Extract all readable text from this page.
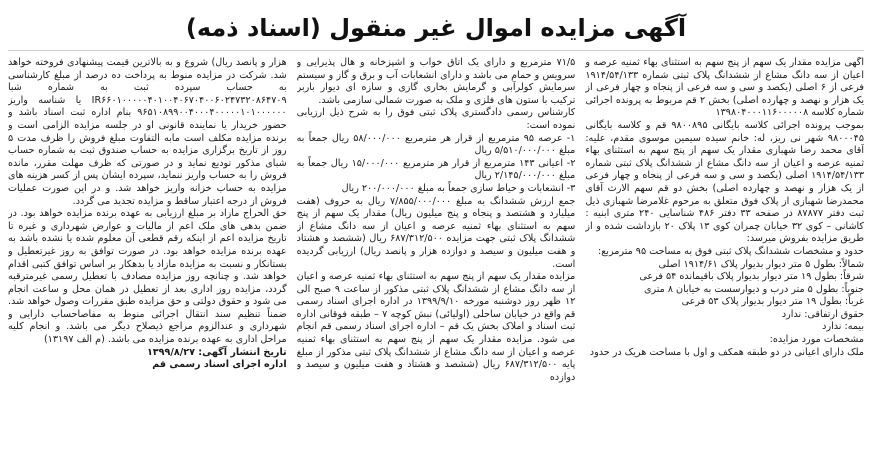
آگهی مزایده اموال غیر منقول (اسناد ذمه)

آگهی مزایده مقدار یک سهم از پنج سهم به استثنای بهاء ثمنیه عرصه و اعیان از سه دانگ مشاع از ششدانگ پلاک ثبتی شماره ۱۹۱۴/۵۴/۱۳۳ فرعی از ۶ اصلی (یکصد و سی و سه فرعی از پنجاه و چهار فرعی از یک هزار و نهصد و چهارده اصلی) بخش ۲ قم مربوط به پرونده اجرائی شماره کلاسه ۱۳۹۸۰۴۰۰۰۱۱۶۰۰۰۰۰۸

بموجب پرونده اجرائی کلاسه بایگانی ۹۸۰۰۸۹۵ قم و کلاسه بایگانی ۹۸۰۰۰۴۵ شهر نی ریز، له: خانم سیده سیمین موسوی مقدم، علیه: آقای محمد رضا شهبازی مقدار یک سهم از پنج سهم به استثنای بهاء ثمنیه عرصه و اعیان از سه دانگ مشاع از ششدانگ پلاک ثبتی شماره ۱۹۱۴/۵۴/۱۳۳ اصلی (یکصد و سی و سه فرعی از پنجاه و چهار فرعی از یک هزار و نهصد و چهارده اصلی) بخش دو قم سهم الارث آقای محمدرضا شهبازی از پلاک فوق متعلق به مرحوم غلامرضا شهبازی ذیل ثبت دفتر ۸۷۸۷۷ در صفحه ۳۳ دفتر ۴۸۶ شناسایی ۲۴۰ متری ابنیه : کاشانی – کوی ۳۲ خیابان چمران کوی ۱۳ پلاک ۲۰ بازداشت شده و از طریق مزایده بفروش میرسد:

حدود و مشخصات ششدانگ پلاک ثبتی فوق به مساحت ۹۵ مترمربع:

شمالاً: بطول ۵ متر دیوار بدیوار پلاک ۱۹۱۴/۶۱ اصلی
شرقاً: بطول ۱۹ متر دیوار بدیوار پلاک باقیمانده ۵۴ فرعی
جنوباً: بطول ۵ متر درب و دیوارسست به خیابان ۸ متری
غرباً: بطول ۱۹ متر دیوار بدیوار پلاک ۵۳ فرعی
حقوق ارتفاقی: ندارد
بیمه: ندارد

مشخصات مورد مزایده:

ملک دارای اعیانی در دو طبقه همکف و اول با مساحت هریک در حدود

۷۱/۵ مترمربع و دارای یک اتاق خواب و آشپزخانه و هال پذیرایی و سرویس و حمام می باشد و دارای انشعابات آب و برق و گاز و سیستم سرمایش کولرآبی و گرمایش بخاری گازی و سازه ای دیوار باربر ترکیب با ستون های فلزی و ملک به صورت شمالی سازمی باشد.

کارشناس رسمی دادگستری پلاک ثبتی فوق را به شرح ذیل ارزیابی نموده است:

۱- عرصه ۹۵ مترمربع از قرار هر مترمربع ۵۸/۰۰۰/۰۰۰ ریال جمعاً به مبلغ ۵/۵۱۰/۰۰۰/۰۰۰ ریال
۲- اعیانی ۱۴۳ مترمربع از قرار هر مترمربع ۱۵/۰۰۰/۰۰۰ ریال جمعاً به مبلغ ۲/۱۴۵/۰۰۰/۰۰۰ ریال
۳- انشعابات و حیاط سازی جمعاً به مبلغ ۲۰۰/۰۰۰/۰۰۰ ریال

جمع ارزش ششدانگ به مبلغ ۷/۸۵۵/۰۰۰/۰۰۰ ریال به حروف (هفت میلیارد و هشتصد و پنجاه و پنج میلیون ریال) مقدار یک سهم از پنج سهم به استثنای بهاء ثمنیه عرصه و اعیان از سه دانگ مشاع از ششدانگ پلاک ثبتی جهت مزایده ۶۸۷/۳۱۲/۵۰۰ ریال (ششصد و هشتاد و هفت میلیون و سیصد و دوازده هزار و پانصد ریال) ارزیابی گردیده است.

مزایده مقدار یک سهم از پنج سهم به استثنای بهاء ثمنیه عرصه و اعیان از سه دانگ مشاع از ششدانگ پلاک ثبتی مذکور از ساعت ۹ صبح الی ۱۲ ظهر روز دوشنبه مورخه ۱۳۹۹/۹/۱۰ در اداره اجرای اسناد رسمی قم واقع در خیابان ساحلی (اولیائی) نبش کوچه ۷ – طبقه فوقانی اداره ثبت اسناد و املاک بخش یک قم – اداره اجرای اسناد رسمی قم انجام می شود. مزایده مقدار یک سهم از پنج سهم به استثنای بهاء ثمنیه عرصه و اعیان از سه دانگ مشاع از ششدانگ پلاک ثبتی مذکور از مبلغ پایه ۶۸۷/۳۱۲/۵۰۰ ریال (ششصد و هشتاد و هفت میلیون و سیصد و دوازده

هزار و پانصد ریال) شروع و به بالاترین قیمت پیشنهادی فروخته خواهد شد. شرکت در مزایده منوط به پرداخت ده درصد از مبلغ کارشناسی به حساب سپرده ثبت به شماره شبا IR۶۶۰۱۰۰۰۰۰۴۰۱۰۰۴۰۶۷۰۴۰۰۶۰۲۴۷۳۲۰۸۶۴۷۰۹ یا شناسه واریز ۹۶۵۱۰۸۹۹۰۰۴۰۰۰۴۰۰۰۰۰۱۰۱۰۰۰۰۰۰ بنام اداره ثبت اسناد باشد و حضور خریدار یا نماینده قانونی او در جلسه مزایده الزامی است و برنده مزایده مکلف است مابه التفاوت مبلغ فروش را ظرف مدت ۵ روز از تاریخ برگزاری مزایده به حساب صندوق ثبت به شماره حساب شبای مذکور تودیع نماید و در صورتی که ظرف مهلت مقرر، مانده فروش را به حساب واریز ننماید، سپرده ایشان پس از کسر هزینه های مزایده به حساب خزانه واریز خواهد شد. و در این صورت عملیات فروش از درجه اعتبار ساقط و مزایده تجدید می گردد.

حق الحراج مازاد بر مبلغ ارزیابی به عهده برنده مزایده خواهد بود. در ضمن بدهی های ملک اعم از مالیات و عوارض شهرداری و غیره تا تاریخ مزایده اعم از اینکه رقم قطعی آن معلوم شده یا نشده باشد به عهده برنده مزایده خواهد بود. در صورت توافق به روز غیرتعطیل و بستانکار و نسبت به مزایده مازاد یا بدهکار بر اساس توافق کتبی اقدام خواهد شد. و چنانچه روز مزایده مصادف با تعطیل رسمی غیرمترقبه گردد، مزایده روز اداری بعد از تعطیل در همان محل و ساعت انجام می شود و حقوق دولتی و حق مزایده طبق مقررات وصول خواهد شد. ضمناً تنظیم سند انتقال اجرائی منوط به مفاصاحساب دارایی و شهرداری و عندالزوم مراجع ذیصلاح دیگر می باشد. و انجام کلیه مراحل اداری به عهده برنده مزایده می باشد. (م الف ۱۳۱۹۷)

تاریخ انتشار آگهی: ۱۳۹۹/۸/۲۷
اداره اجرای اسناد رسمی قم
